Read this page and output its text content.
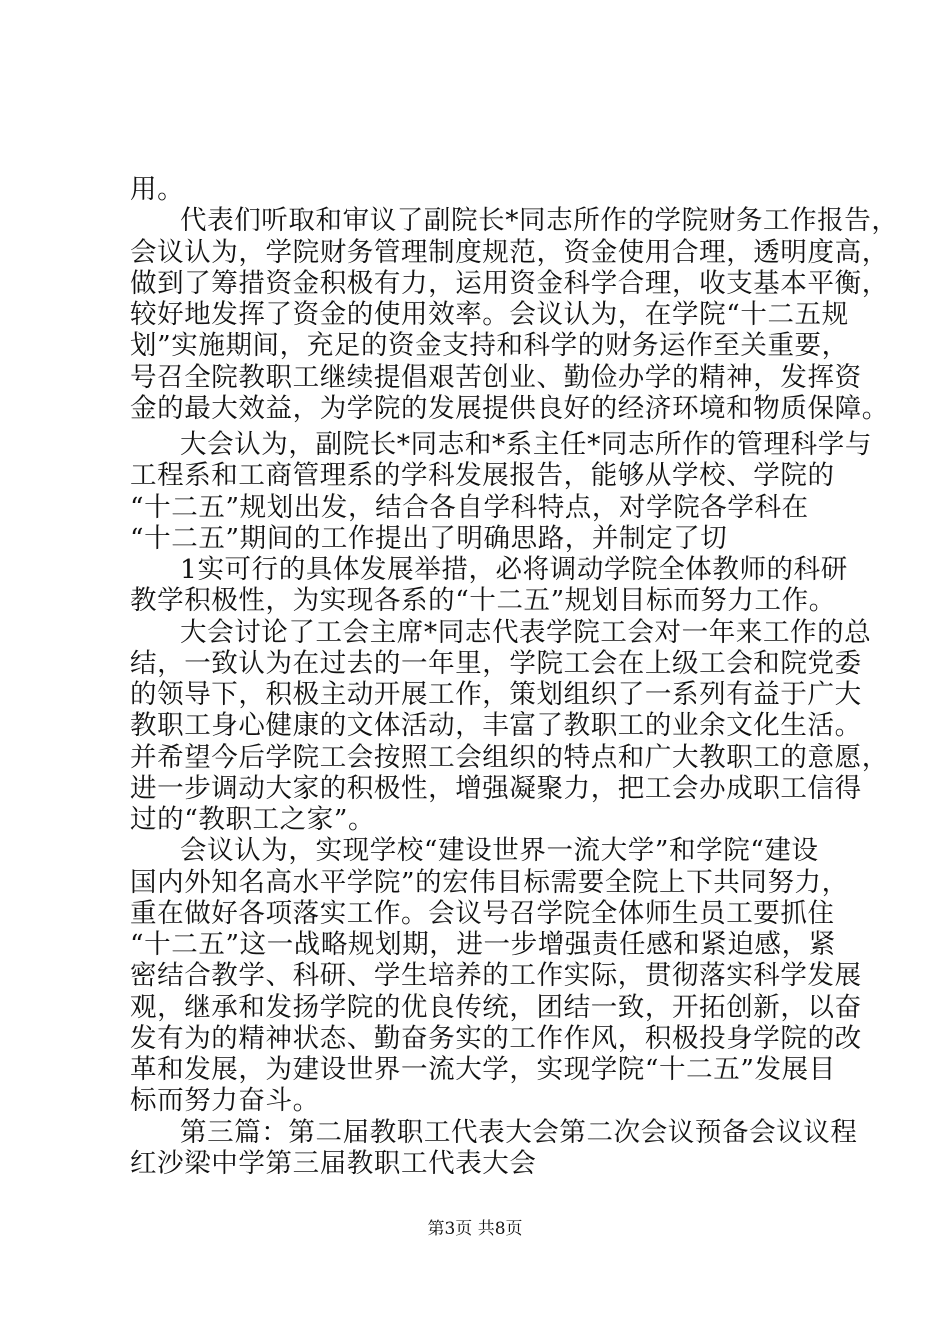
用。
代表们听取和审议了副院长*同志所作的学院财务工作报告，
会议认为，学院财务管理制度规范，资金使用合理，透明度高，
做到了筹措资金积极有力，运用资金科学合理，收支基本平衡，
较好地发挥了资金的使用效率。会议认为，在学院“十二五规
划”实施期间，充足的资金支持和科学的财务运作至关重要，
号召全院教职工继续提倡艰苦创业、勤俭办学的精神，发挥资
金的最大效益，为学院的发展提供良好的经济环境和物质保障。
大会认为，副院长*同志和*系主任*同志所作的管理科学与
工程系和工商管理系的学科发展报告，能够从学校、学院的
“十二五”规划出发，结合各自学科特点，对学院各学科在
“十二五”期间的工作提出了明确思路，并制定了切
1实可行的具体发展举措，必将调动学院全体教师的科研
教学积极性，为实现各系的“十二五”规划目标而努力工作。
大会讨论了工会主席*同志代表学院工会对一年来工作的总
结，一致认为在过去的一年里，学院工会在上级工会和院党委
的领导下，积极主动开展工作，策划组织了一系列有益于广大
教职工身心健康的文体活动，丰富了教职工的业余文化生活。
并希望今后学院工会按照工会组织的特点和广大教职工的意愿，
进一步调动大家的积极性，增强凝聚力，把工会办成职工信得
过的“教职工之家”。
会议认为，实现学校“建设世界一流大学”和学院“建设
国内外知名高水平学院”的宏伟目标需要全院上下共同努力，
重在做好各项落实工作。会议号召学院全体师生员工要抓住
“十二五”这一战略规划期，进一步增强责任感和紧迫感，紧
密结合教学、科研、学生培养的工作实际，贯彻落实科学发展
观，继承和发扬学院的优良传统，团结一致，开拓创新，以奋
发有为的精神状态、勤奋务实的工作作风，积极投身学院的改
革和发展，为建设世界一流大学，实现学院“十二五”发展目
标而努力奋斗。
第三篇：第二届教职工代表大会第二次会议预备会议议程
红沙梁中学第三届教职工代表大会
第3页 共8页
